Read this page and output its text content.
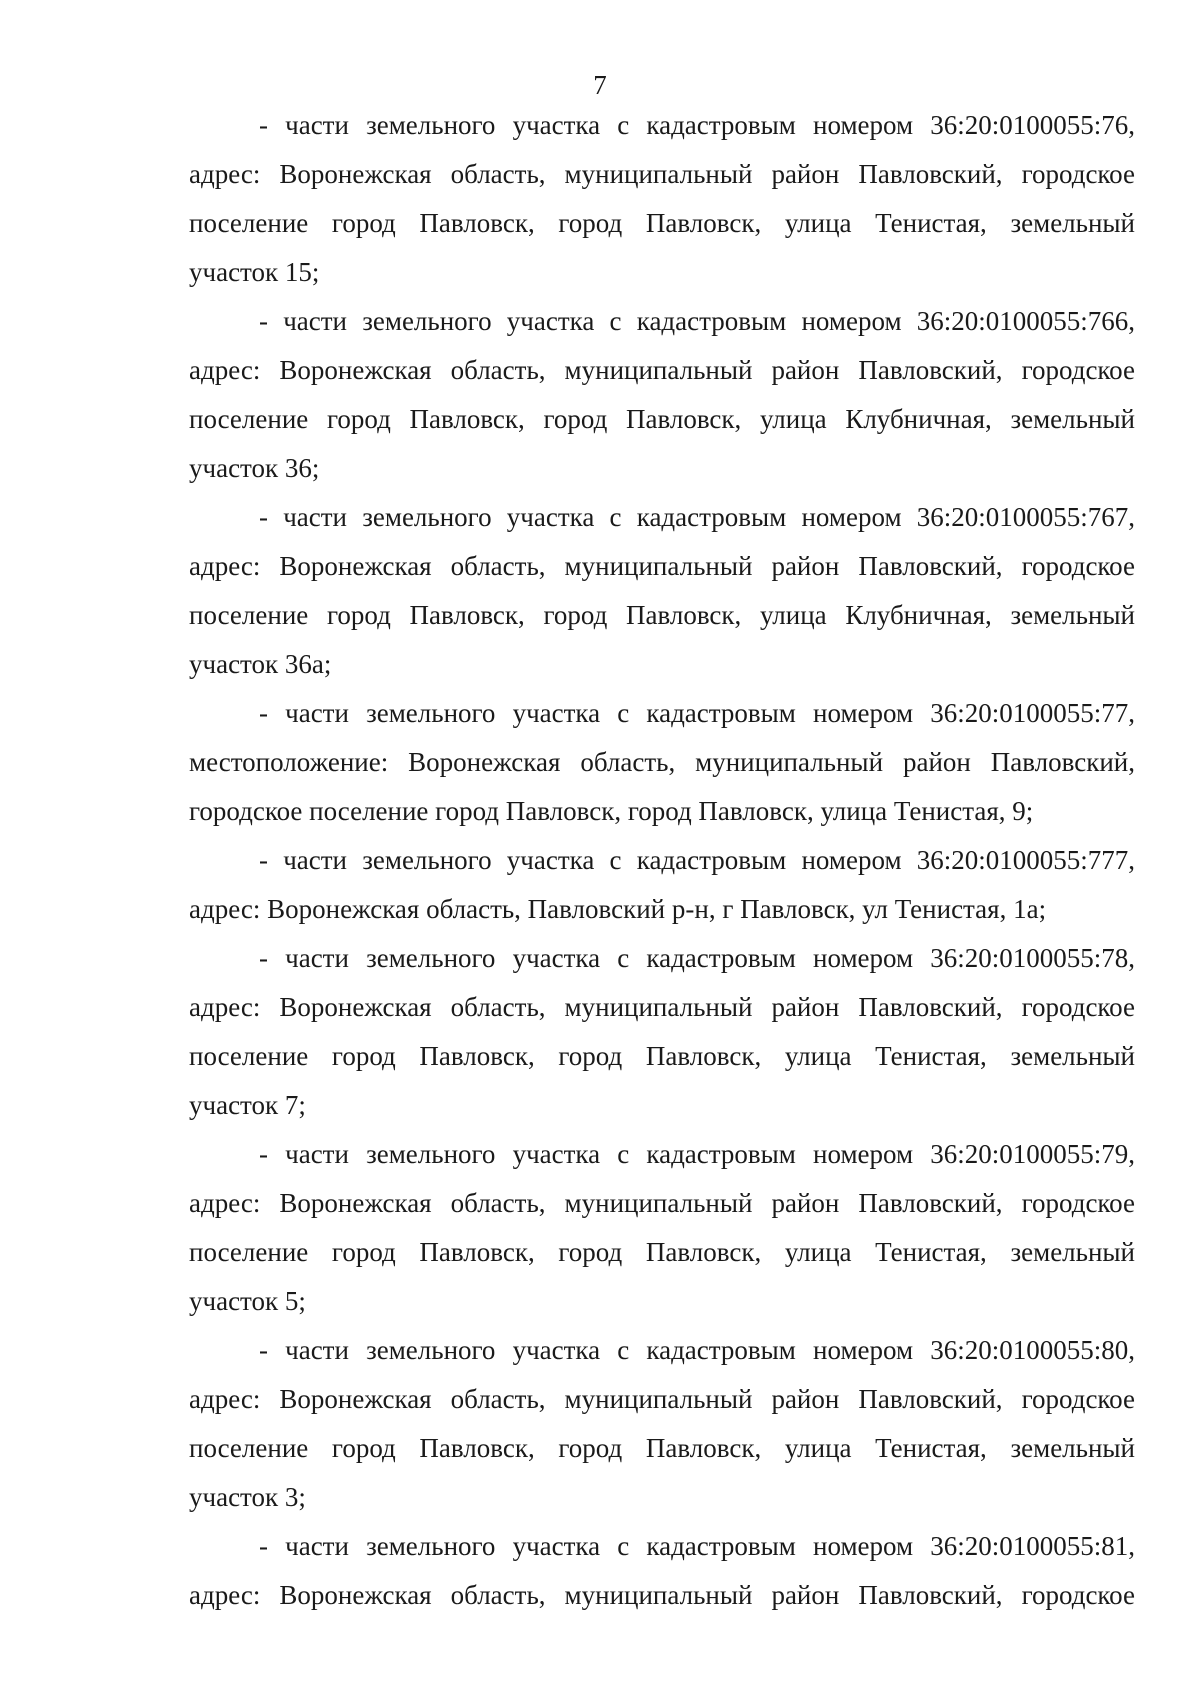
7
- части земельного участка с кадастровым номером 36:20:0100055:76,
адрес: Воронежская область, муниципальный район Павловский, городское
поселение город Павловск, город Павловск, улица Тенистая, земельный
участок 15;
- части земельного участка с кадастровым номером 36:20:0100055:766,
адрес: Воронежская область, муниципальный район Павловский, городское
поселение город Павловск, город Павловск, улица Клубничная, земельный
участок 36;
- части земельного участка с кадастровым номером 36:20:0100055:767,
адрес: Воронежская область, муниципальный район Павловский, городское
поселение город Павловск, город Павловск, улица Клубничная, земельный
участок 36а;
- части земельного участка с кадастровым номером 36:20:0100055:77,
местоположение: Воронежская область, муниципальный район Павловский,
городское поселение город Павловск, город Павловск, улица Тенистая, 9;
- части земельного участка с кадастровым номером 36:20:0100055:777,
адрес: Воронежская область, Павловский р-н, г Павловск, ул Тенистая, 1а;
- части земельного участка с кадастровым номером 36:20:0100055:78,
адрес: Воронежская область, муниципальный район Павловский, городское
поселение город Павловск, город Павловск, улица Тенистая, земельный
участок 7;
- части земельного участка с кадастровым номером 36:20:0100055:79,
адрес: Воронежская область, муниципальный район Павловский, городское
поселение город Павловск, город Павловск, улица Тенистая, земельный
участок 5;
- части земельного участка с кадастровым номером 36:20:0100055:80,
адрес: Воронежская область, муниципальный район Павловский, городское
поселение город Павловск, город Павловск, улица Тенистая, земельный
участок 3;
- части земельного участка с кадастровым номером 36:20:0100055:81,
адрес: Воронежская область, муниципальный район Павловский, городское
